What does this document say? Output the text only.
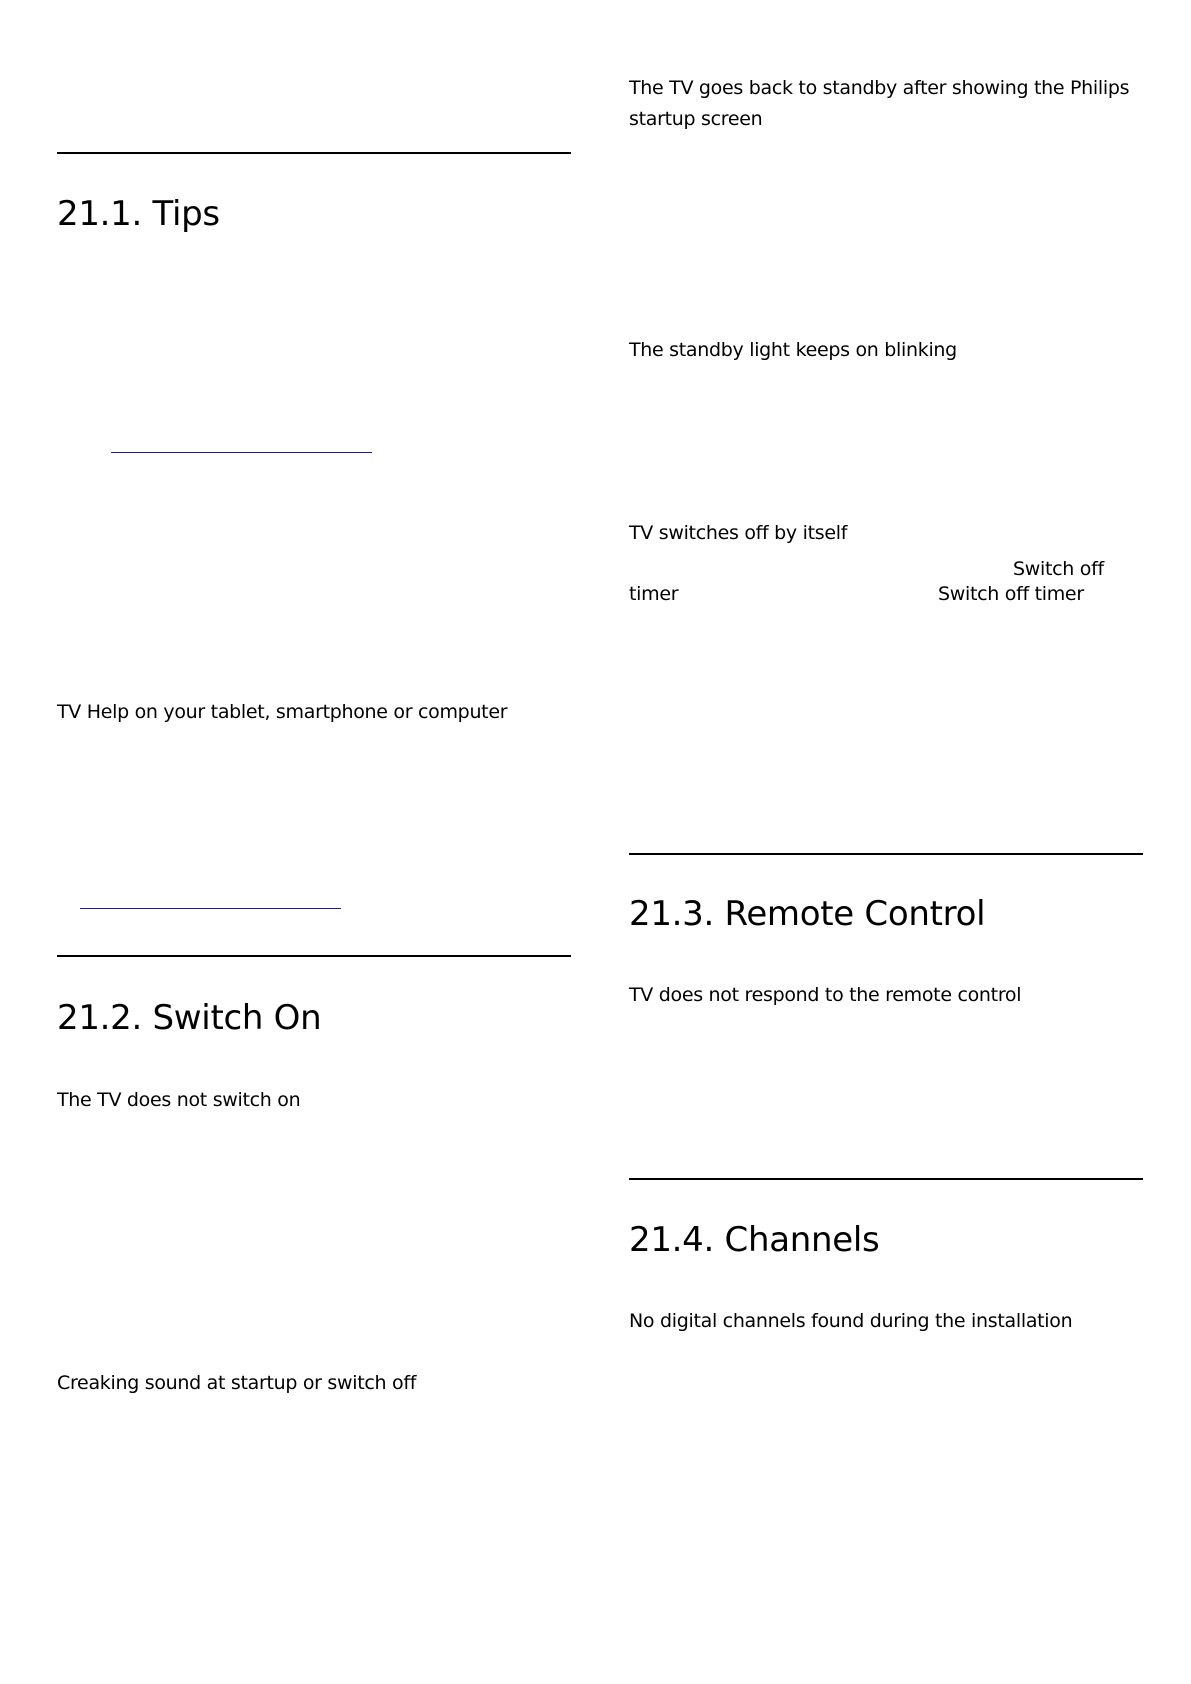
21.1. Tips
TV Help on your tablet, smartphone or computer
21.2. Switch On
The TV does not switch on
Creaking sound at startup or switch off
The TV goes back to standby after showing the Philips
startup screen
The standby light keeps on blinking
TV switches off by itself
Switch off
timer	Switch off timer
21.3. Remote Control
TV does not respond to the remote control
21.4. Channels
No digital channels found during the installation
